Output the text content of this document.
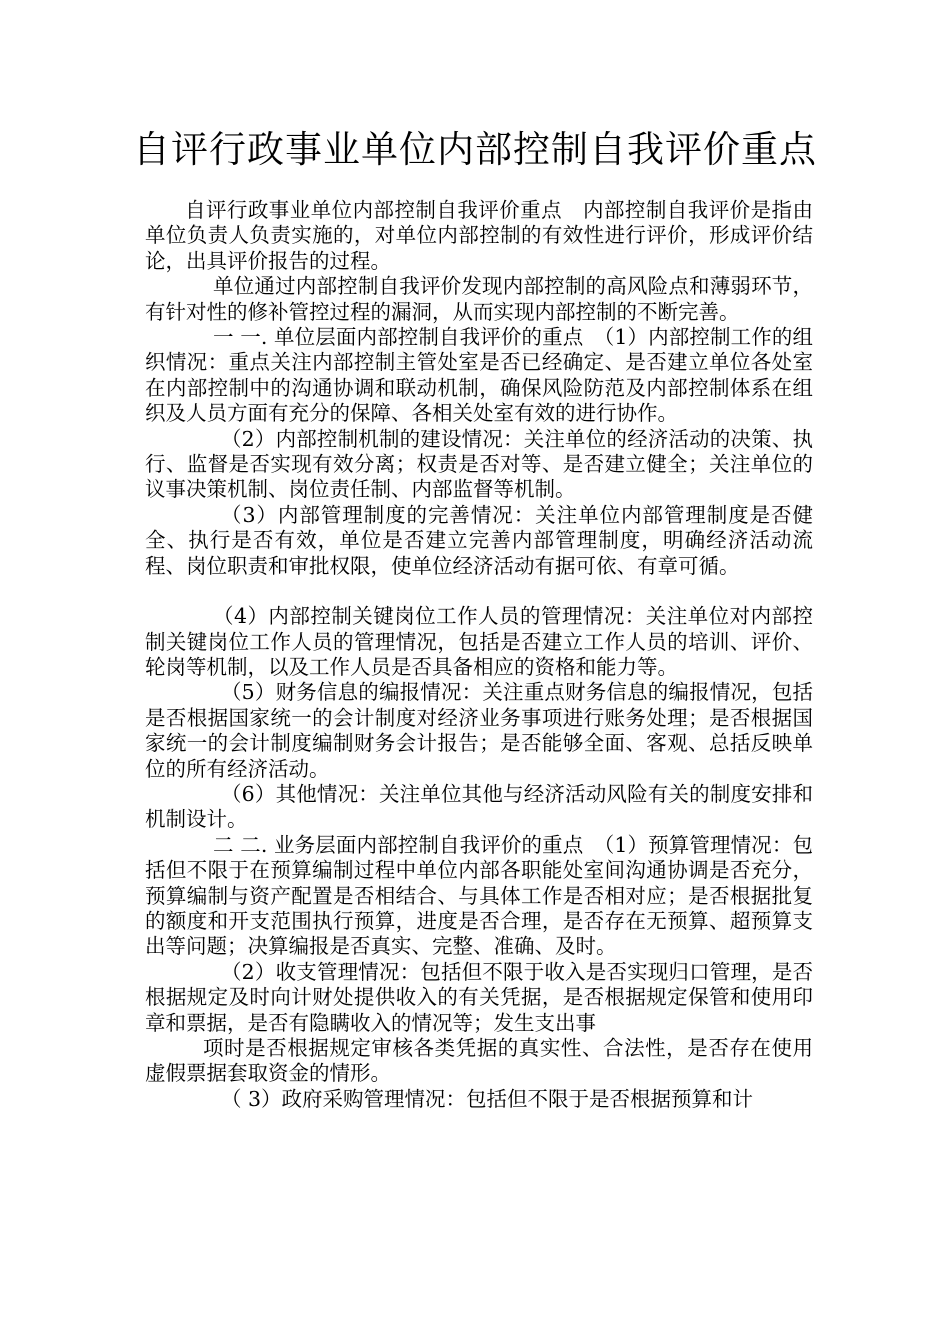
自评行政事业单位内部控制自我评价重点

自评行政事业单位内部控制自我评价重点　内部控制自我评价是指由单位负责人负责实施的，对单位内部控制的有效性进行评价，形成评价结论，出具评价报告的过程。

单位通过内部控制自我评价发现内部控制的高风险点和薄弱环节，有针对性的修补管控过程的漏洞，从而实现内部控制的不断完善。

一 一. 单位层面内部控制自我评价的重点　（1）内部控制工作的组织情况：重点关注内部控制主管处室是否已经确定、是否建立单位各处室在内部控制中的沟通协调和联动机制，确保风险防范及内部控制体系在组织及人员方面有充分的保障、各相关处室有效的进行协作。

（2）内部控制机制的建设情况：关注单位的经济活动的决策、执行、监督是否实现有效分离；权责是否对等、是否建立健全；关注单位的议事决策机制、岗位责任制、内部监督等机制。

（3）内部管理制度的完善情况：关注单位内部管理制度是否健全、执行是否有效，单位是否建立完善内部管理制度，明确经济活动流程、岗位职责和审批权限，使单位经济活动有据可依、有章可循。

（4）内部控制关键岗位工作人员的管理情况：关注单位对内部控制关键岗位工作人员的管理情况，包括是否建立工作人员的培训、评价、轮岗等机制，以及工作人员是否具备相应的资格和能力等。

（5）财务信息的编报情况：关注重点财务信息的编报情况，包括是否根据国家统一的会计制度对经济业务事项进行账务处理；是否根据国家统一的会计制度编制财务会计报告；是否能够全面、客观、总括反映单位的所有经济活动。

（6）其他情况：关注单位其他与经济活动风险有关的制度安排和机制设计。

二 二. 业务层面内部控制自我评价的重点　（1）预算管理情况：包括但不限于在预算编制过程中单位内部各职能处室间沟通协调是否充分，预算编制与资产配置是否相结合、与具体工作是否相对应；是否根据批复的额度和开支范围执行预算，进度是否合理，是否存在无预算、超预算支出等问题；决算编报是否真实、完整、准确、及时。

（2）收支管理情况：包括但不限于收入是否实现归口管理，是否根据规定及时向计财处提供收入的有关凭据，是否根据规定保管和使用印章和票据，是否有隐瞒收入的情况等；发生支出事

项时是否根据规定审核各类凭据的真实性、合法性，是否存在使用虚假票据套取资金的情形。

（ 3）政府采购管理情况：包括但不限于是否根据预算和计
